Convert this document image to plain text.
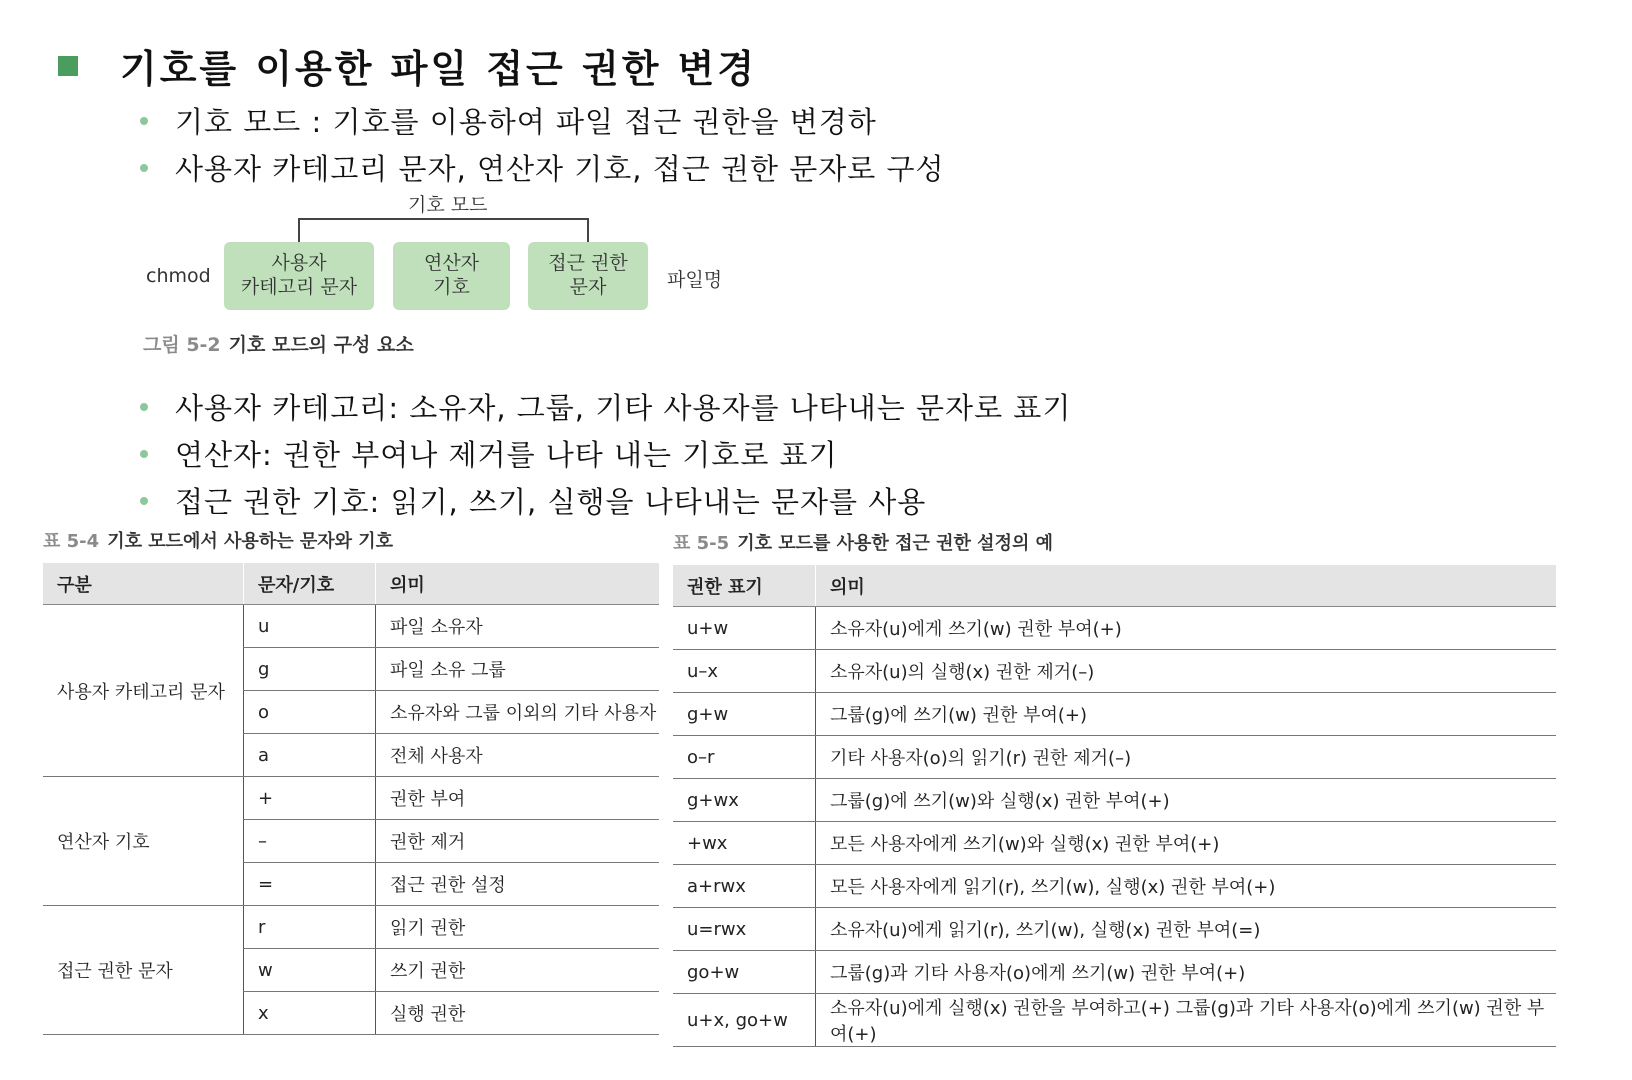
기호를 이용한 파일 접근 권한 변경
기호 모드 : 기호를 이용하여 파일 접근 권한을 변경하
사용자 카테고리 문자, 연산자 기호, 접근 권한 문자로 구성
기호 모드
chmod
사용자
카테고리 문자
연산자
기호
접근 권한
문자	파일명
그림 5-2 기호 모드의 구성 요소
사용자 카테고리: 소유자, 그룹, 기타 사용자를 나타내는 문자로 표기
연산자: 권한 부여나 제거를 나타 내는 기호로 표기
접근 권한 기호: 읽기, 쓰기, 실행을 나타내는 문자를 사용
표 5-4 기호 모드에서 사용하는 문자와 기호
구분	문자/기호	의미
사용자 카테고리 문자	u	파일 소유자
	g	파일 소유 그룹
	o	소유자와 그룹 이외의 기타 사용자
	a	전체 사용자
연산자 기호	+	권한 부여
	–	권한 제거
	=	접근 권한 설정
접근 권한 문자	r	읽기 권한
	w	쓰기 권한
	x	실행 권한
표 5-5 기호 모드를 사용한 접근 권한 설정의 예
권한 표기	의미
u+w	소유자(u)에게 쓰기(w) 권한 부여(+)
u–x	소유자(u)의 실행(x) 권한 제거(–)
g+w	그룹(g)에 쓰기(w) 권한 부여(+)
o–r	기타 사용자(o)의 읽기(r) 권한 제거(–)
g+wx	그룹(g)에 쓰기(w)와 실행(x) 권한 부여(+)
+wx	모든 사용자에게 쓰기(w)와 실행(x) 권한 부여(+)
a+rwx	모든 사용자에게 읽기(r), 쓰기(w), 실행(x) 권한 부여(+)
u=rwx	소유자(u)에게 읽기(r), 쓰기(w), 실행(x) 권한 부여(=)
go+w	그룹(g)과 기타 사용자(o)에게 쓰기(w) 권한 부여(+)
u+x, go+w	소유자(u)에게 실행(x) 권한을 부여하고(+) 그룹(g)과 기타 사용자(o)에게 쓰기(w) 권한 부여(+)
